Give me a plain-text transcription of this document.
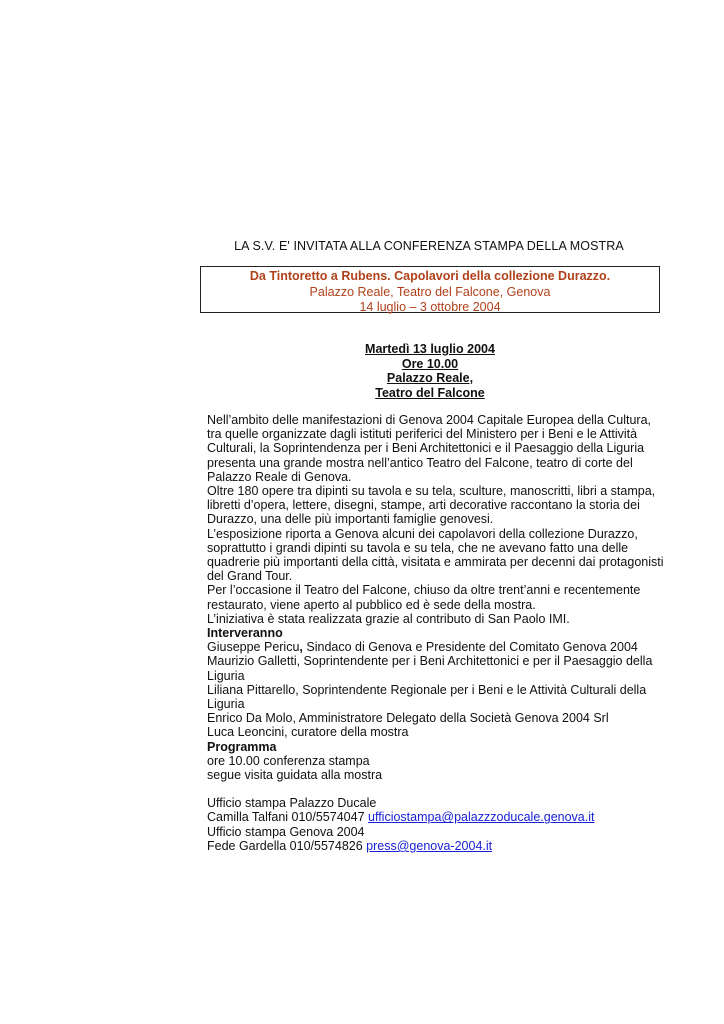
LA S.V. E' INVITATA ALLA CONFERENZA STAMPA DELLA MOSTRA
Da Tintoretto a Rubens. Capolavori della collezione Durazzo.
Palazzo Reale, Teatro del Falcone, Genova
14 luglio – 3 ottobre 2004
Martedì 13 luglio 2004
Ore 10.00
Palazzo Reale,
Teatro del Falcone

Nell’ambito delle manifestazioni di Genova 2004 Capitale Europea della Cultura, tra quelle organizzate dagli istituti periferici del Ministero per i Beni e le Attività Culturali, la Soprintendenza per i Beni Architettonici e il Paesaggio della Liguria presenta una grande mostra nell’antico Teatro del Falcone, teatro di corte del Palazzo Reale di Genova.

Oltre 180 opere tra dipinti su tavola e su tela, sculture, manoscritti, libri a stampa, libretti d’opera, lettere, disegni, stampe, arti decorative raccontano la storia dei Durazzo, una delle più importanti famiglie genovesi.

L’esposizione riporta a Genova alcuni dei capolavori della collezione Durazzo, soprattutto i grandi dipinti su tavola e su tela, che ne avevano fatto una delle quadrerie più importanti della città, visitata e ammirata per decenni dai protagonisti del Grand Tour.

Per l’occasione il Teatro del Falcone, chiuso da oltre trent’anni e recentemente restaurato, viene aperto al pubblico ed è sede della mostra.

L’iniziativa è stata realizzata grazie al contributo di San Paolo IMI.

Interveranno

Giuseppe Pericu, Sindaco di Genova e Presidente del Comitato Genova 2004

Maurizio Galletti, Soprintendente per i Beni Architettonici e per il Paesaggio della Liguria

Liliana Pittarello, Soprintendente Regionale per i Beni e le Attività Culturali della Liguria

Enrico Da Molo, Amministratore Delegato della Società Genova 2004 Srl

Luca Leoncini, curatore della mostra

Programma

ore 10.00 conferenza stampa

segue visita guidata alla mostra

Ufficio stampa Palazzo Ducale

Camilla Talfani 010/5574047 ufficiostampa@palazzzoducale.genova.it

Ufficio stampa Genova 2004

Fede Gardella 010/5574826 press@genova-2004.it
